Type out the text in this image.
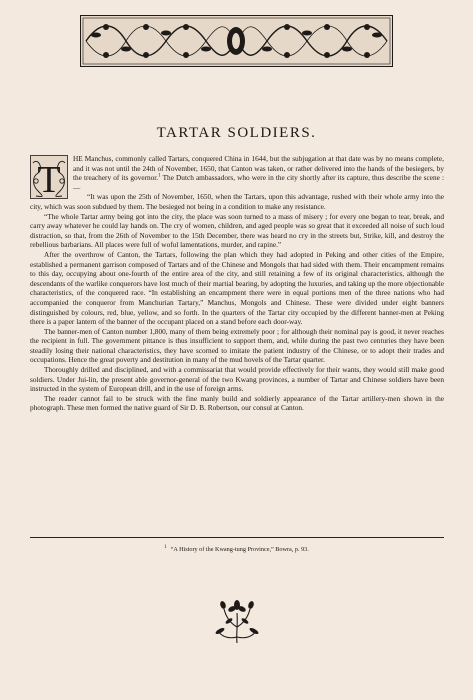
TARTAR SOLDIERS.

T
HE Manchus, commonly called Tartars, conquered China in 1644, but the subjugation at that date was by no means complete, and it was not until the 24th of November, 1650, that Canton was taken, or rather delivered into the hands of the besiegers, by the treachery of its governor.$^1$ The Dutch ambassadors, who were in the city shortly after its capture, thus describe the scene :—

“It was upon the 25th of November, 1650, when the Tartars, upon this advantage, rushed with their whole army into the city, which was soon subdued by them. The besieged not being in a condition to make any resistance.

“The whole Tartar army being got into the city, the place was soon turned to a mass of misery ; for every one began to tear, break, and carry away whatever he could lay hands on. The cry of women, children, and aged people was so great that it exceeded all noise of such loud distraction, so that, from the 26th of November to the 15th December, there was heard no cry in the streets but, Strike, kill, and destroy the rebellious barbarians. All places were full of woful lamentations, murder, and rapine.”

After the overthrow of Canton, the Tartars, following the plan which they had adopted in Peking and other cities of the Empire, established a permanent garrison composed of Tartars and of the Chinese and Mongols that had sided with them. Their encampment remains to this day, occupying about one-fourth of the entire area of the city, and still retaining a few of its original characteristics, although the descendants of the warlike conquerors have lost much of their martial bearing, by adopting the luxuries, and taking up the more objectionable characteristics, of the conquered race. “In establishing an encampment there were in equal portions men of the three nations who had accompanied the conqueror from Manchurian Tartary,” Manchus, Mongols and Chinese. These were divided under eight banners distinguished by colours, red, blue, yellow, and so forth. In the quarters of the Tartar city occupied by the different banner-men at Peking there is a paper lantern of the banner of the occupant placed on a stand before each door-way.

The banner-men of Canton number 1,800, many of them being extremely poor ; for although their nominal pay is good, it never reaches the recipient in full. The government pittance is thus insufficient to support them, and, while during the past two centuries they have been steadily losing their national characteristics, they have scorned to imitate the patient industry of the Chinese, or to adopt their trades and occupations. Hence the great poverty and destitution in many of the mud hovels of the Tartar quarter.

Thoroughly drilled and disciplined, and with a commissariat that would provide effectively for their wants, they would still make good soldiers. Under Jui-lin, the present able governor-general of the two Kwang provinces, a number of Tartar and Chinese soldiers have been instructed in the system of European drill, and in the use of foreign arms.

The reader cannot fail to be struck with the fine manly build and soldierly appearance of the Tartar artillery-men shown in the photograph. These men formed the native guard of Sir D. B. Robertson, our consul at Canton.

$^1$ “A History of the Kwang-tung Province,” Bowra, p. 93.
